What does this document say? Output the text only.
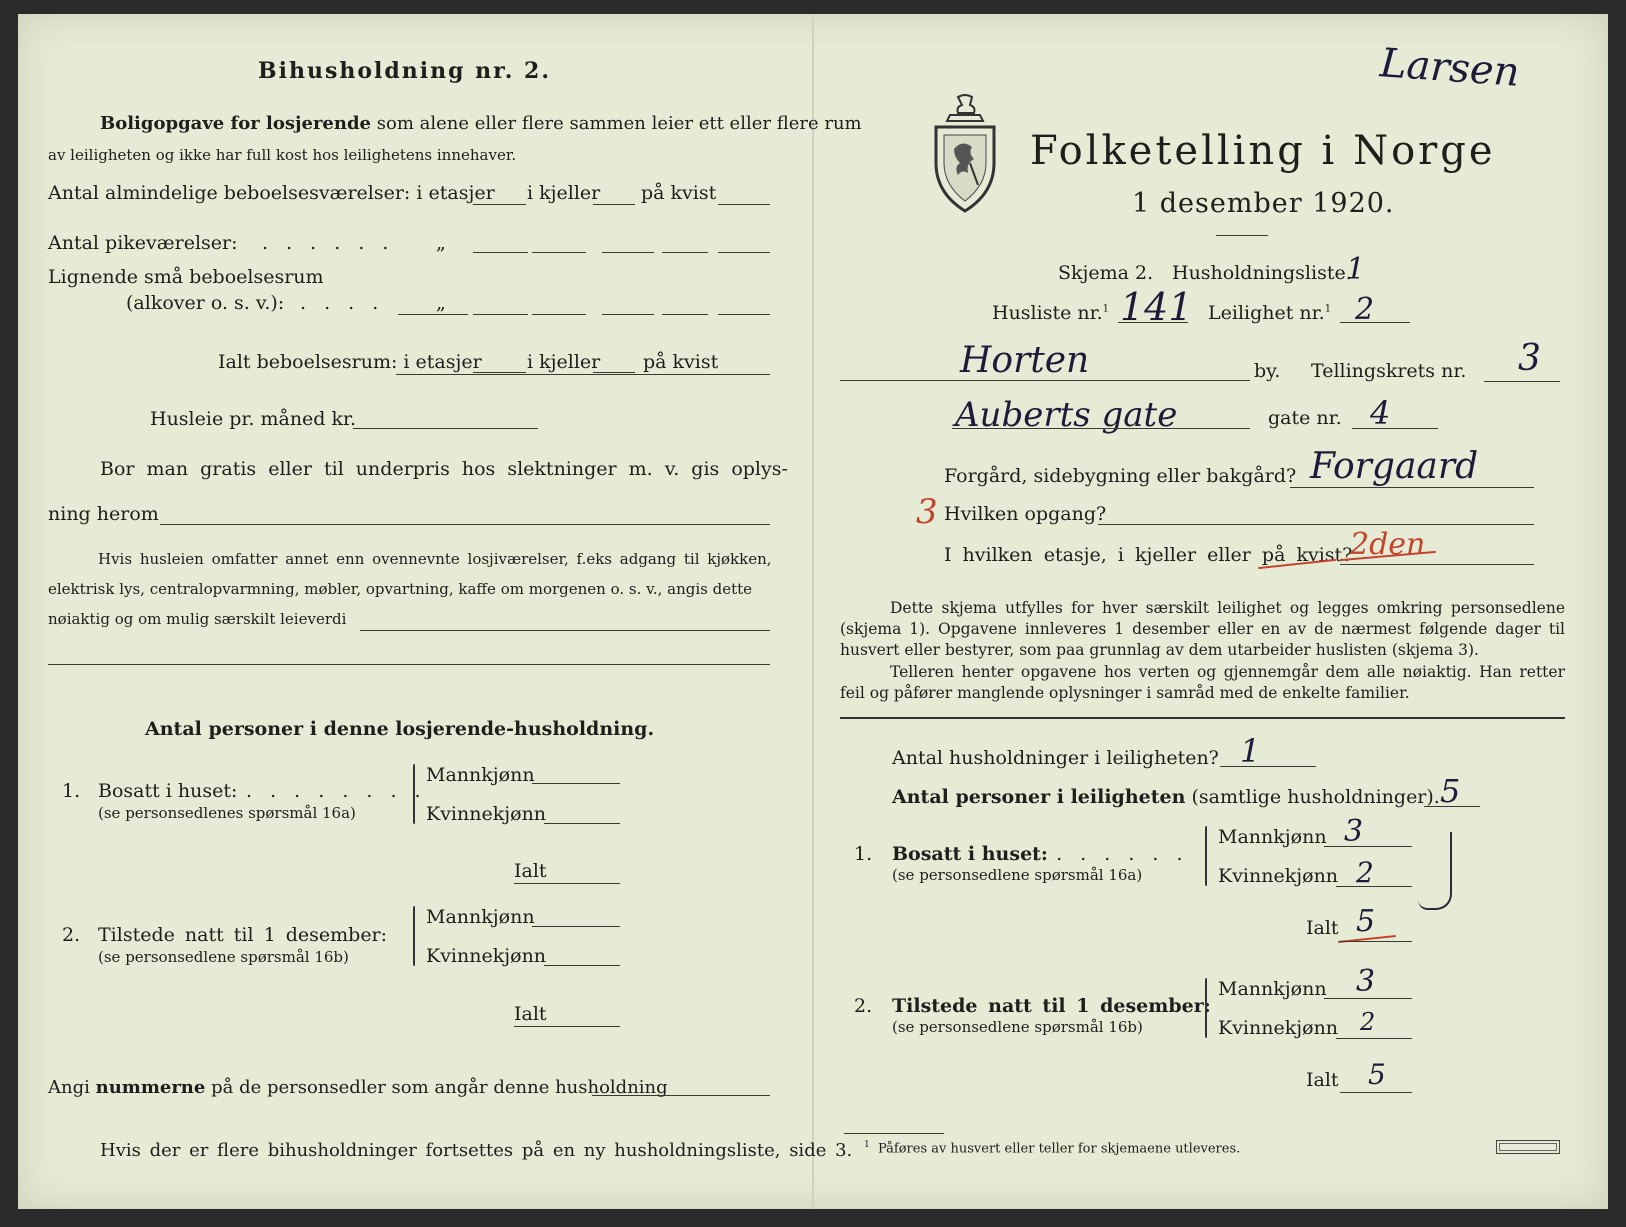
Bihusholdning nr. 2.
Boligopgave for losjerende som alene eller flere sammen leier ett eller flere rum
av leiligheten og ikke har full kost hos leilighetens innehaver.
Antal almindelige beboelsesværelser: i etasjer i kjeller på kvist
Antal pikeværelser: . . . . . . „
Lignende små beboelsesrum
(alkover o. s. v.): . . . .	„
Ialt beboelsesrum: i etasjer i kjeller på kvist
Husleie pr. måned kr.
Bor man gratis eller til underpris hos slektninger m. v. gis oplys-
ning herom
Hvis husleien omfatter annet enn ovennevnte losjiværelser, f.eks adgang til kjøkken,
elektrisk lys, centralopvarmning, møbler, opvartning, kaffe om morgenen o. s. v., angis dette
nøiaktig og om mulig særskilt leieverdi
Antal personer i denne losjerende-husholdning.
1. Bosatt i huset: . . . . . . . .
(se personsedlenes spørsmål 16a)
Mannkjønn
Kvinnekjønn
Ialt
2. Tilstede natt til 1 desember:
(se personsedlene spørsmål 16b)
Mannkjønn
Kvinnekjønn
Ialt
Angi nummerne på de personsedler som angår denne husholdning
Hvis der er flere bihusholdninger fortsettes på en ny husholdningsliste, side 3.
Folketelling i Norge
1 desember 1920.
Larsen
Skjema 2. Husholdningsliste.
1
Husliste nr.$^1$ 141 Leilighet nr.$^1$ 2
Horten	by. Tellingskrets nr. 3
Auberts gate	gate nr. 4
Forgård, sidebygning eller bakgård? Forgaard
3 Hvilken opgang?
I hvilken etasje, i kjeller eller på kvist?
2den
Dette skjema utfylles for hver særskilt leilighet og legges omkring personsedlene (skjema 1). Opgavene innleveres 1 desember eller en av de nærmest følgende dager til husvert eller bestyrer, som paa grunnlag av dem utarbeider huslisten (skjema 3).
Telleren henter opgavene hos verten og gjennemgår dem alle nøiaktig. Han retter feil og påfører manglende oplysninger i samråd med de enkelte familier.
Antal husholdninger i leiligheten? 1
Antal personer i leiligheten (samtlige husholdninger). 5
1. Bosatt i huset:
. . . . . . .
(se personsedlene spørsmål 16a)
Mannkjønn 3
Kvinnekjønn 2
Ialt 5
2. Tilstede natt til 1 desember:
(se personsedlene spørsmål 16b)
Mannkjønn 3
Kvinnekjønn 2
Ialt 5
$^1$ Påføres av husvert eller teller for skjemaene utleveres.
